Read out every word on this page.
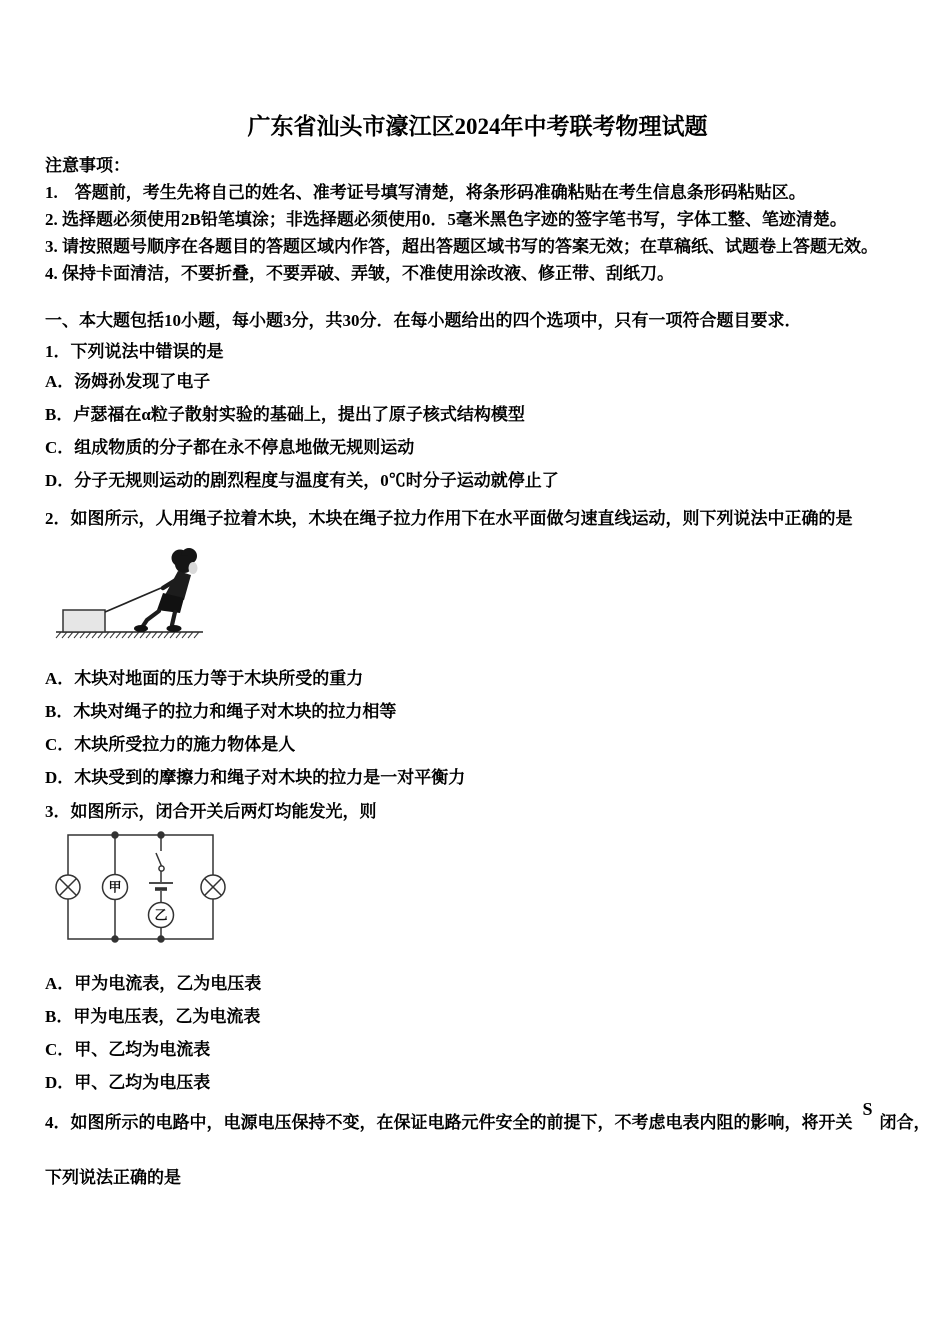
广东省汕头市濠江区2024年中考联考物理试题

注意事项：

1.　答题前，考生先将自己的姓名、准考证号填写清楚，将条形码准确粘贴在考生信息条形码粘贴区。

2. 选择题必须使用2B铅笔填涂；非选择题必须使用0．5毫米黑色字迹的签字笔书写，字体工整、笔迹清楚。

3. 请按照题号顺序在各题目的答题区域内作答，超出答题区域书写的答案无效；在草稿纸、试题卷上答题无效。

4. 保持卡面清洁，不要折叠，不要弄破、弄皱，不准使用涂改液、修正带、刮纸刀。

一、本大题包括10小题，每小题3分，共30分．在每小题给出的四个选项中，只有一项符合题目要求．

1．下列说法中错误的是

A．汤姆孙发现了电子

B．卢瑟福在α粒子散射实验的基础上，提出了原子核式结构模型

C．组成物质的分子都在永不停息地做无规则运动

D．分子无规则运动的剧烈程度与温度有关，0℃时分子运动就停止了

2．如图所示，人用绳子拉着木块，木块在绳子拉力作用下在水平面做匀速直线运动，则下列说法中正确的是

A．木块对地面的压力等于木块所受的重力

B．木块对绳子的拉力和绳子对木块的拉力相等

C．木块所受拉力的施力物体是人

D．木块受到的摩擦力和绳子对木块的拉力是一对平衡力

3．如图所示，闭合开关后两灯均能发光，则

甲
乙

A．甲为电流表，乙为电压表

B．甲为电压表，乙为电流表

C．甲、乙均为电流表

D．甲、乙均为电压表

4．如图所示的电路中，电源电压保持不变，在保证电路元件安全的前提下，不考虑电表内阻的影响，将开关S闭合，

下列说法正确的是
